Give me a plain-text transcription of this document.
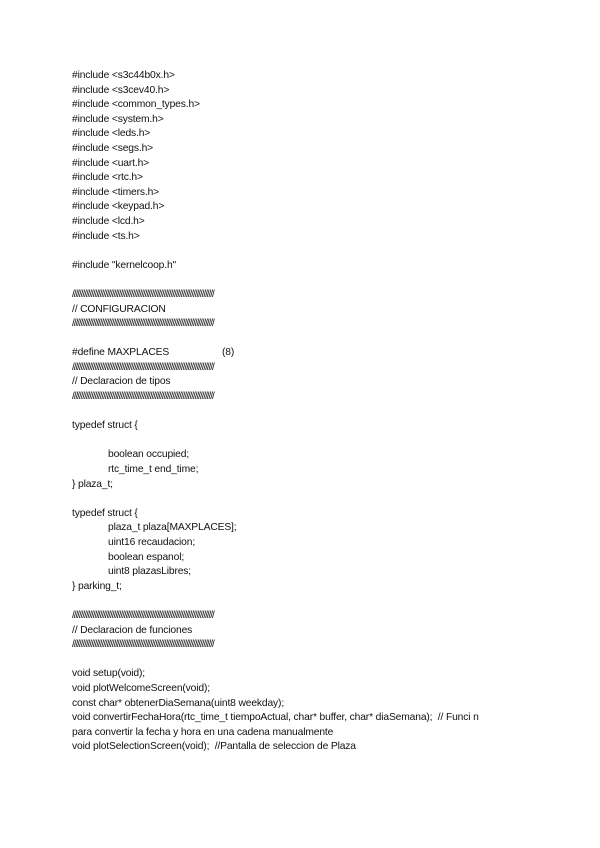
#include <s3c44b0x.h>
#include <s3cev40.h>
#include <common_types.h>
#include <system.h>
#include <leds.h>
#include <segs.h>
#include <uart.h>
#include <rtc.h>
#include <timers.h>
#include <keypad.h>
#include <lcd.h>
#include <ts.h>
#include "kernelcoop.h"
//////////////////////////////////////////////////////////////////////////////////
// CONFIGURACION
//////////////////////////////////////////////////////////////////////////////////
#define MAXPLACES	(8)
//////////////////////////////////////////////////////////////////////////////////
// Declaracion de tipos
//////////////////////////////////////////////////////////////////////////////////
typedef struct {
boolean occupied;
rtc_time_t end_time;
} plaza_t;
typedef struct {
plaza_t plaza[MAXPLACES];
uint16 recaudacion;
boolean espanol;
uint8 plazasLibres;
} parking_t;
//////////////////////////////////////////////////////////////////////////////////
// Declaracion de funciones
//////////////////////////////////////////////////////////////////////////////////
void setup(void);
void plotWelcomeScreen(void);
const char* obtenerDiaSemana(uint8 weekday);
void convertirFechaHora(rtc_time_t tiempoActual, char* buffer, char* diaSemana);  // Funci n
para convertir la fecha y hora en una cadena manualmente
void plotSelectionScreen(void);  //Pantalla de seleccion de Plaza
